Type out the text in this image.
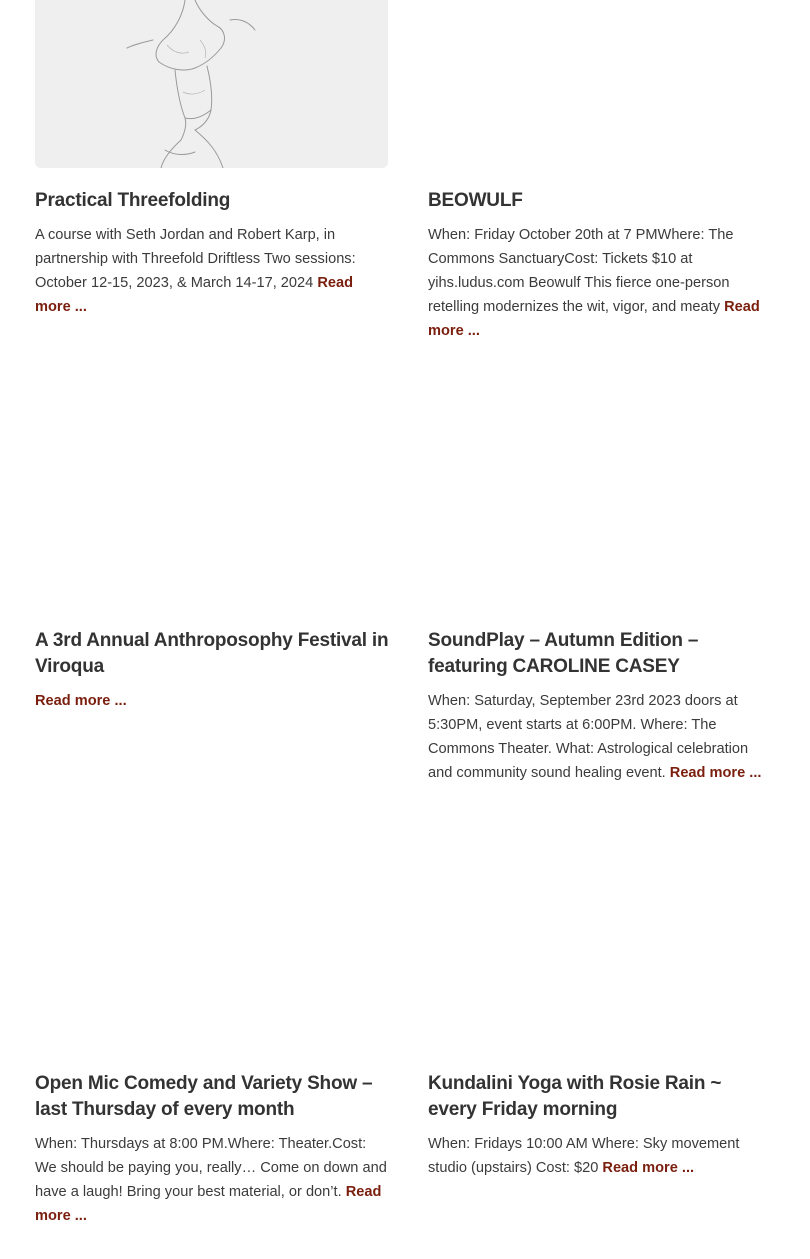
Practical Threefolding

A course with Seth Jordan and Robert Karp, in partnership with Threefold Driftless Two sessions: October 12-15, 2023, & March 14-17, 2024 Read more ...

BEOWULF

When: Friday October 20th at 7 PMWhere: The Commons SanctuaryCost: Tickets $10 at yihs.ludus.com Beowulf This fierce one-person retelling modernizes the wit, vigor, and meaty Read more ...

A 3rd Annual Anthroposophy Festival in Viroqua

Read more ...

SoundPlay – Autumn Edition – featuring CAROLINE CASEY

When: Saturday, September 23rd 2023 doors at 5:30PM, event starts at 6:00PM. Where: The Commons Theater. What: Astrological celebration and community sound healing event. Read more ...

Open Mic Comedy and Variety Show – last Thursday of every month

When: Thursdays at 8:00 PM.Where: Theater.Cost: We should be paying you, really… Come on down and have a laugh! Bring your best material, or don’t. Read more ...

Kundalini Yoga with Rosie Rain ~ every Friday morning

When: Fridays 10:00 AM Where: Sky movement studio (upstairs) Cost: $20 Read more ...
